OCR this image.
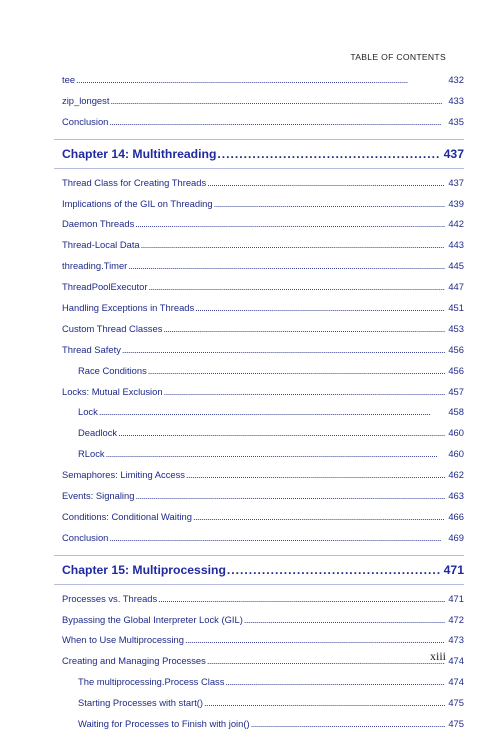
TABLE OF CONTENTS
tee . . .	432
zip_longest . . .	433
Conclusion . . .	435
Chapter 14: Multithreading . . .	437
Thread Class for Creating Threads . . .	437
Implications of the GIL on Threading . . .	439
Daemon Threads . . .	442
Thread-Local Data . . .	443
threading.Timer . . .	445
ThreadPoolExecutor . . .	447
Handling Exceptions in Threads . . .	451
Custom Thread Classes . . .	453
Thread Safety . . .	456
Race Conditions . . .	456
Locks: Mutual Exclusion . . .	457
Lock . . .	458
Deadlock . . .	460
RLock . . .	460
Semaphores: Limiting Access . . .	462
Events: Signaling . . .	463
Conditions: Conditional Waiting . . .	466
Conclusion . . .	469
Chapter 15: Multiprocessing . . .	471
Processes vs. Threads . . .	471
Bypassing the Global Interpreter Lock (GIL) . . .	472
When to Use Multiprocessing . . .	473
Creating and Managing Processes . . .	474
The multiprocessing.Process Class . . .	474
Starting Processes with start() . . .	475
Waiting for Processes to Finish with join() . . .	475
xiii
